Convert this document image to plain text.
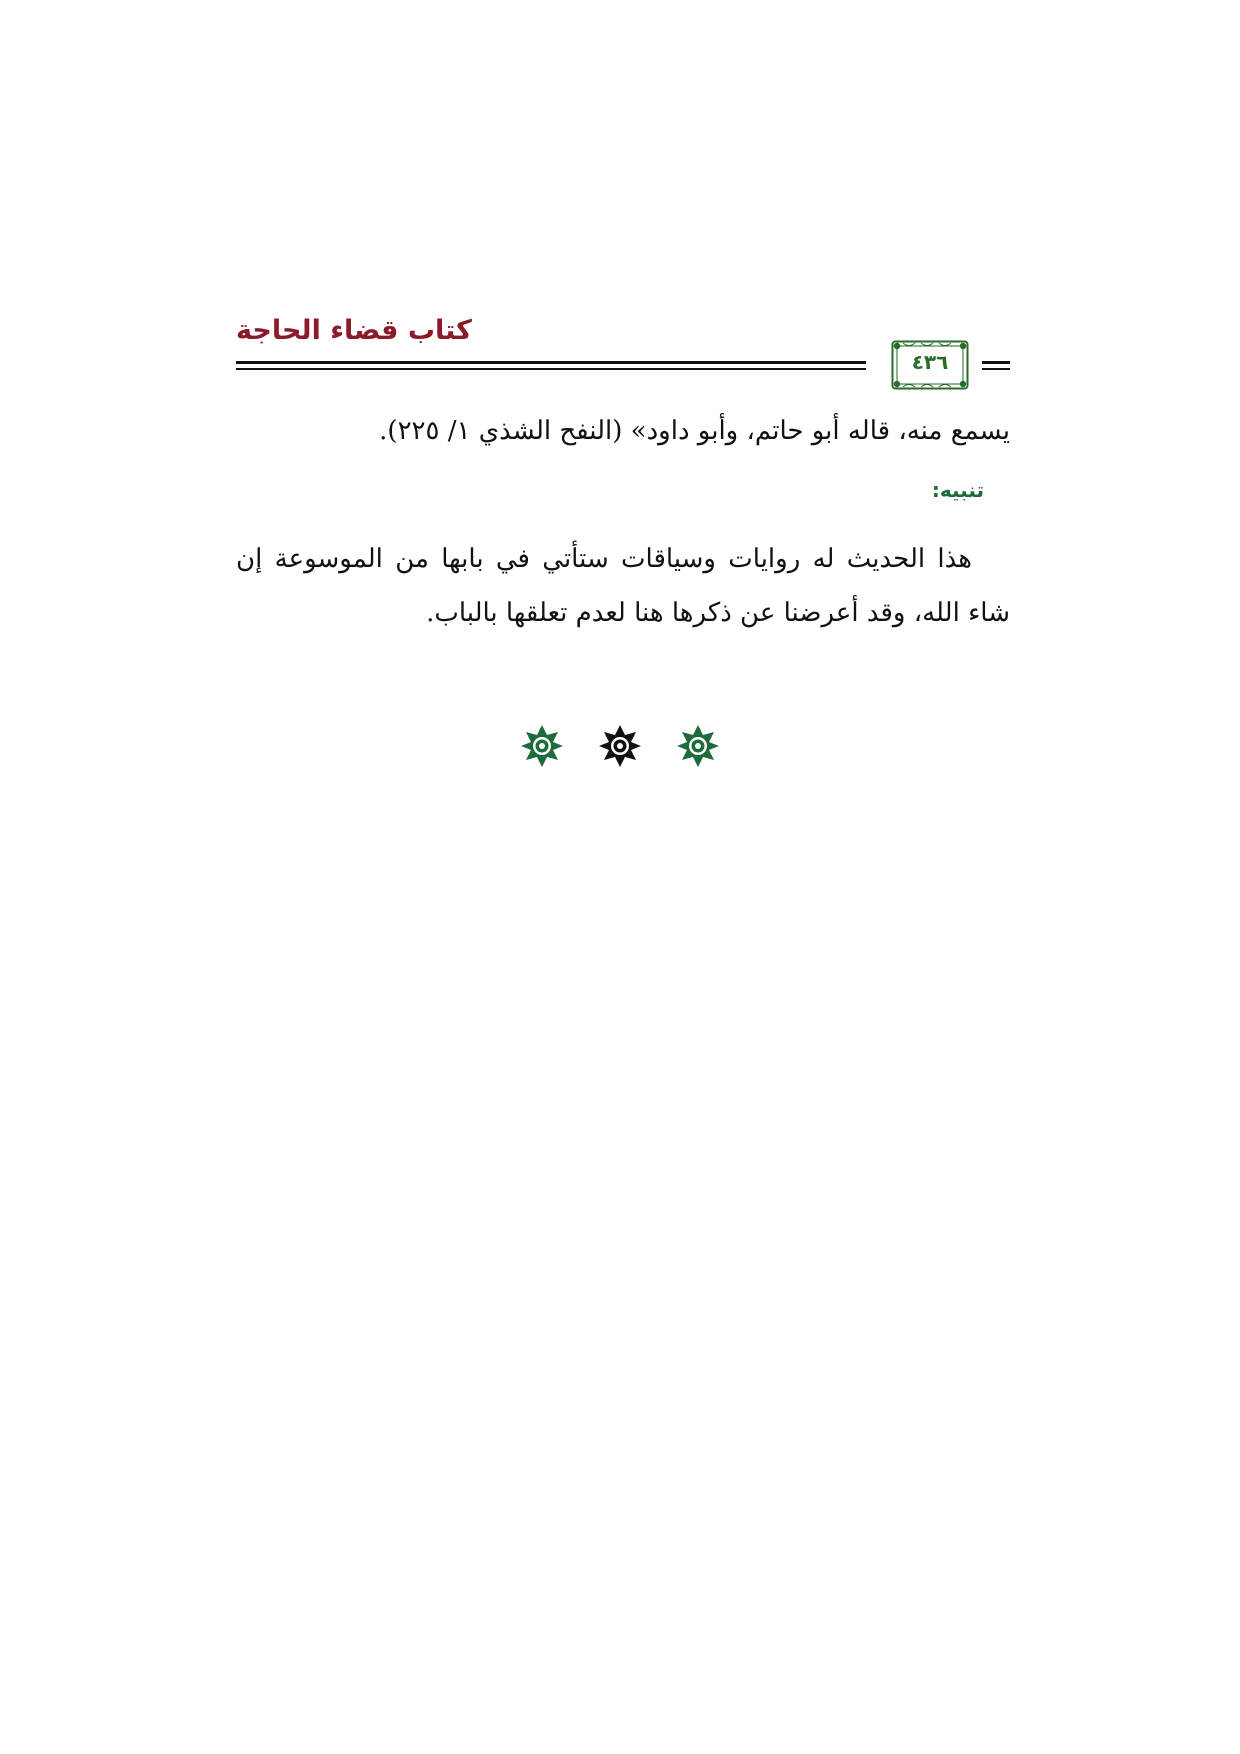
كتاب قضاء الحاجة
٤٣٦
يسمع منه، قاله أبو حاتم، وأبو داود» (النفح الشذي ١/ ٢٢٥).
تنبيه:
هذا الحديث له روايات وسياقات ستأتي في بابها من الموسوعة إن شاء الله، وقد أعرضنا عن ذكرها هنا لعدم تعلقها بالباب.
